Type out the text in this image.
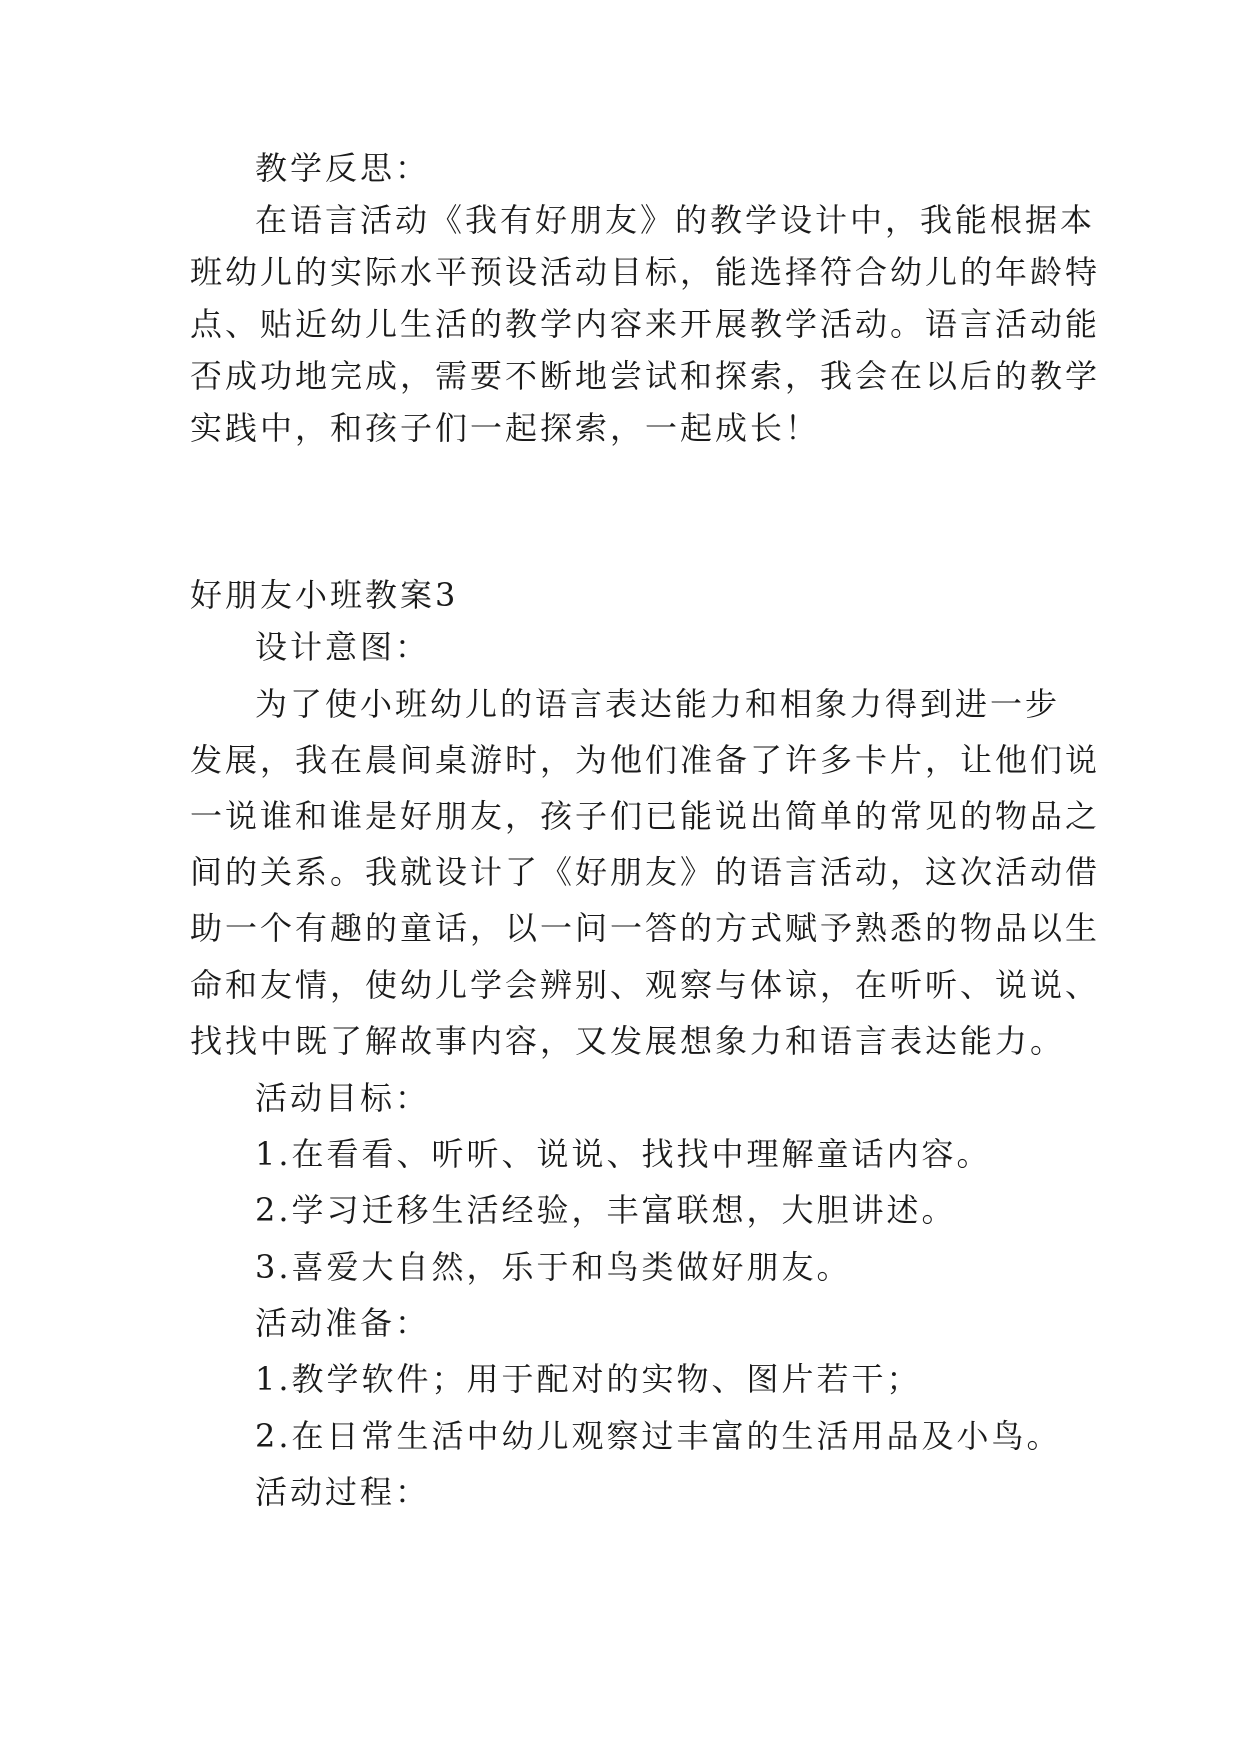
教学反思：
在语言活动《我有好朋友》的教学设计中，我能根据本
班幼儿的实际水平预设活动目标，能选择符合幼儿的年龄特
点、贴近幼儿生活的教学内容来开展教学活动。语言活动能
否成功地完成，需要不断地尝试和探索，我会在以后的教学
实践中，和孩子们一起探索，一起成长！
好朋友小班教案3
设计意图：
为了使小班幼儿的语言表达能力和相象力得到进一步
发展，我在晨间桌游时，为他们准备了许多卡片，让他们说
一说谁和谁是好朋友，孩子们已能说出简单的常见的物品之
间的关系。我就设计了《好朋友》的语言活动，这次活动借
助一个有趣的童话，以一问一答的方式赋予熟悉的物品以生
命和友情，使幼儿学会辨别、观察与体谅，在听听、说说、
找找中既了解故事内容，又发展想象力和语言表达能力。
活动目标：
1.在看看、听听、说说、找找中理解童话内容。
2.学习迁移生活经验，丰富联想，大胆讲述。
3.喜爱大自然，乐于和鸟类做好朋友。
活动准备：
1.教学软件；用于配对的实物、图片若干；
2.在日常生活中幼儿观察过丰富的生活用品及小鸟。
活动过程：
